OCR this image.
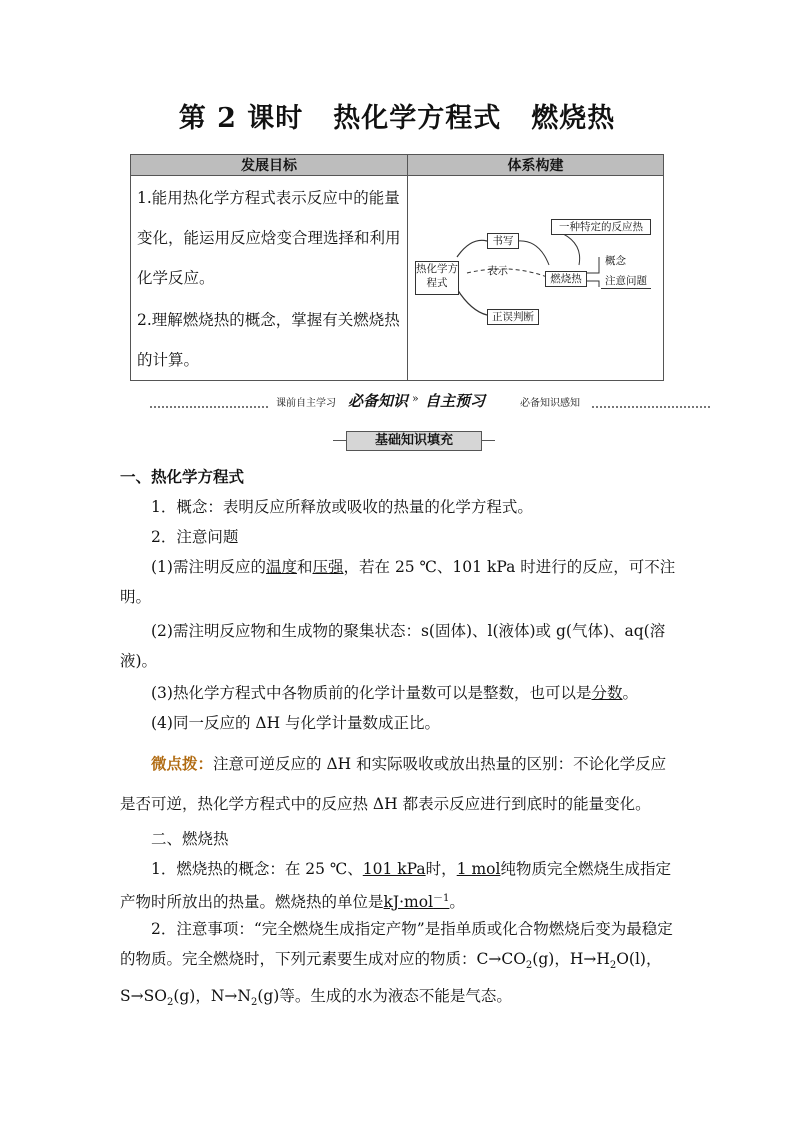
第 2 课时 热化学方程式 燃烧热
发展目标	体系构建

1.能用热化学方程式表示反应中的能量变化，能运用反应焓变合理选择和利用化学反应。
2.理解燃烧热的概念，掌握有关燃烧热的计算。	

热化学方程式
书写
正误判断
表示
燃烧热
一种特定的反应热
概念
注意问题
课前自主学习 必备知识 » 自主预习	必备知识感知
基础知识填充
一、热化学方程式
1．概念：表明反应所释放或吸收的热量的化学方程式。
2．注意问题
(1)需注明反应的温度和压强，若在 25 ℃、101 kPa 时进行的反应，可不注明。
(2)需注明反应物和生成物的聚集状态：s(固体)、l(液体)或 g(气体)、aq(溶液)。
(3)热化学方程式中各物质前的化学计量数可以是整数，也可以是分数。
(4)同一反应的 ΔH 与化学计量数成正比。
微点拨：注意可逆反应的 ΔH 和实际吸收或放出热量的区别：不论化学反应是否可逆，热化学方程式中的反应热 ΔH 都表示反应进行到底时的能量变化。
二、燃烧热
1．燃烧热的概念：在 25 ℃、101 kPa时，1 mol纯物质完全燃烧生成指定产物时所放出的热量。燃烧热的单位是kJ·mol$^{-1}$。
2．注意事项：“完全燃烧生成指定产物”是指单质或化合物燃烧后变为最稳定的物质。完全燃烧时，下列元素要生成对应的物质：$C\to CO_2(g)$，$H\to H_2O(l)$，$S\to SO_2(g)$，$N\to N_2(g)$等。生成的水为液态不能是气态。
